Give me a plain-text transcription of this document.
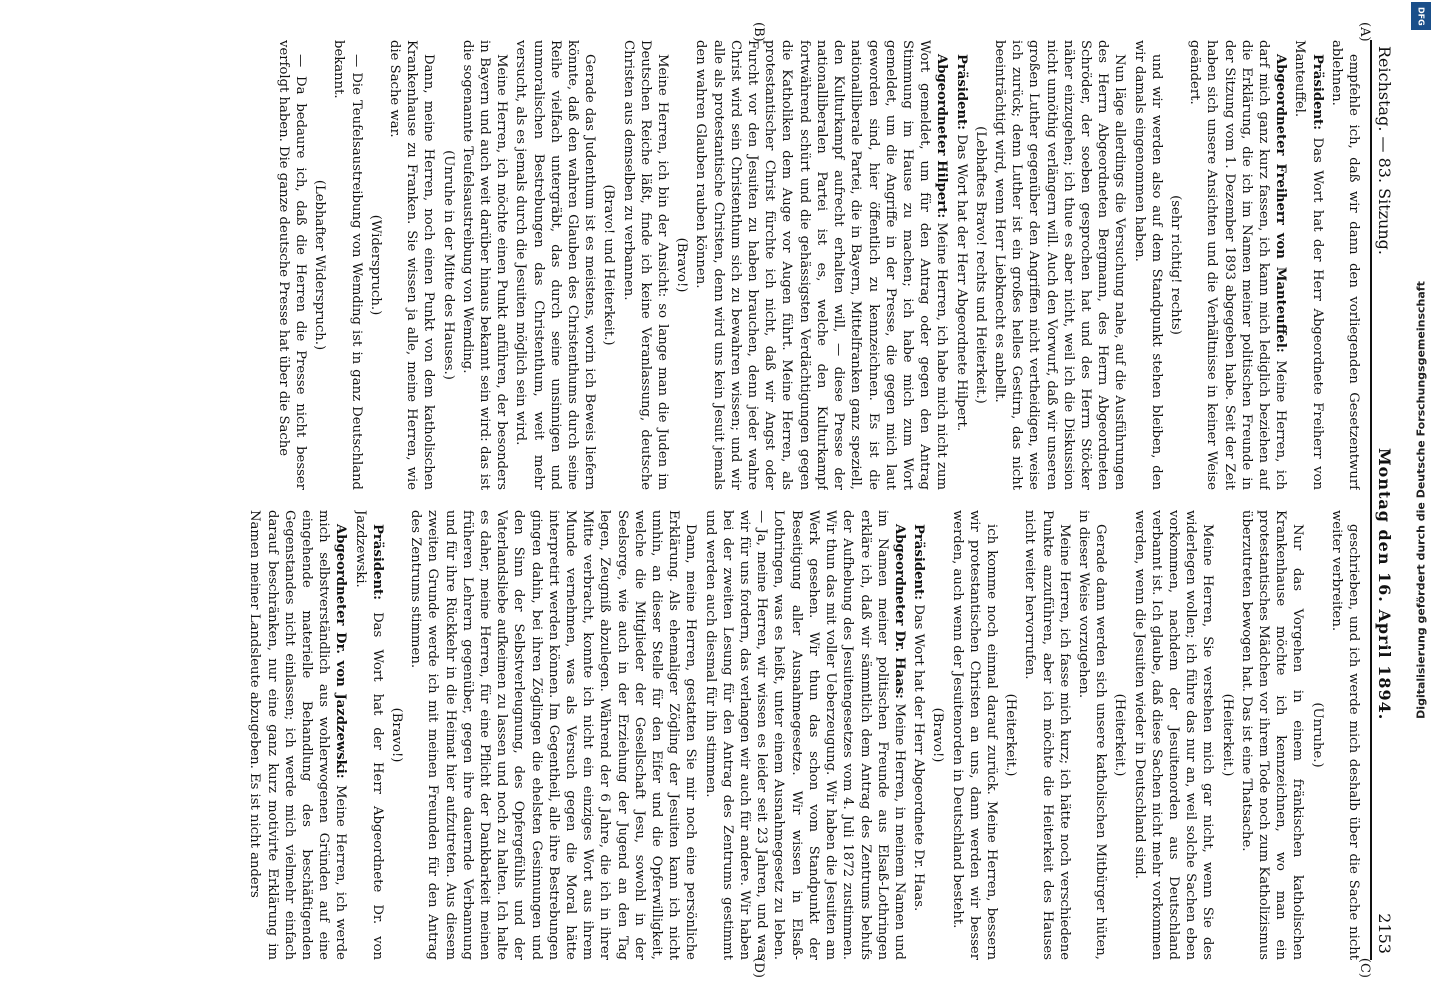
DFG
Digitalisierung gefördert durch die Deutsche Forschungsgemeinschaft
Reichstag. — 83. Sitzung.
Montag den 16. April 1894.
2153

empfehle ich, daß wir dann den vorliegenden Gesetzentwurf ablehnen.

Präsident: Das Wort hat der Herr Abgeordnete Freiherr von Manteuffel.

Abgeordneter Freiherr von Manteuffel: Meine Herren, ich darf mich ganz kurz fassen, ich kann mich lediglich beziehen auf die Erklärung, die ich im Namen meiner politischen Freunde in der Sitzung vom 1. Dezember 1893 abgegeben habe. Seit der Zeit haben sich unsere Ansichten und die Verhältnisse in keiner Weise geändert.

(sehr richtig! rechts)

und wir werden also auf dem Standpunkt stehen bleiben, den wir damals eingenommen haben.

Nun läge allerdings die Versuchung nahe, auf die Ausführungen des Herrn Abgeordneten Bergmann, des Herrn Abgeordneten Schröder, der soeben gesprochen hat und des Herrn Stöcker näher einzugehen; ich thue es aber nicht, weil ich die Diskussion nicht unnöthig verlängern will. Auch den Vorwurf, daß wir unseren großen Luther gegenüber den Angriffen nicht vertheidigen, weise ich zurück; denn Luther ist ein großes helles Gestirn, das nicht beeinträchtigt wird, wenn Herr Liebknecht es anbellt.

(Lebhaftes Bravo! rechts und Heiterkeit.)

Präsident: Das Wort hat der Herr Abgeordnete Hilpert.

Abgeordneter Hilpert: Meine Herren, ich habe mich nicht zum Wort gemeldet, um für den Antrag oder gegen den Antrag Stimmung im Hause zu machen; ich habe mich zum Wort gemeldet, um die Angriffe in der Presse, die gegen mich laut geworden sind, hier öffentlich zu kennzeichnen. Es ist die nationalliberale Partei, die in Bayern, Mittelfranken ganz speziell, den Kulturkampf aufrecht erhalten will, — diese Presse der nationalliberalen Partei ist es, welche den Kulturkampf fortwährend schürt und die gehässigsten Verdächtigungen gegen die Katholiken dem Auge vor Augen führt. Meine Herren, als protestantischer Christ fürchte ich nicht, daß wir Angst oder Furcht vor den Jesuiten zu haben brauchen, denn jeder wahre Christ wird sein Christenthum sich zu bewahren wissen; und wir alle als protestantische Christen, denn wird uns kein Jesuit jemals den wahren Glauben rauben können.

(Bravo!)

Meine Herren, ich bin der Ansicht: so lange man die Juden im Deutschen Reiche läßt, finde ich keine Veranlassung, deutsche Christen aus demselben zu verbannen.

(Bravo! und Heiterkeit.)

Gerade das Judenthum ist es meistens, worin ich Beweis liefern könnte, daß den wahren Glauben des Christenthums durch seine Reihe vielfach untergräbt, das durch seine unsinnigen und unmoralischen Bestrebungen das Christenthum, weit mehr versucht, als es jemals durch die Jesuiten möglich sein wird.

Meine Herren, ich möchte einen Punkt anführen, der besonders in Bayern und auch weit darüber hinaus bekannt sein wird: das ist die sogenannte Teufelsaustreibung von Wemding.

(Unruhe in der Mitte des Hauses.)

Dann, meine Herren, noch einen Punkt von dem katholischen Krankenhause zu Franken. Sie wissen ja alle, meine Herren, wie die Sache war.

(Widerspruch.)

— Die Teufelsaustreibung von Wemding ist in ganz Deutschland bekannt.

(Lebhafter Widerspruch.)

— Da bedaure ich, daß die Herren die Presse nicht besser verfolgt haben. Die ganze deutsche Presse hat über die Sache

geschrieben, und ich werde mich deshalb über die Sache nicht weiter verbreiten.

(Unruhe.)

Nur das Vorgehen in einem fränkischen katholischen Krankenhause möchte ich kennzeichnen, wo man ein protestantisches Mädchen vor ihrem Tode noch zum Katholizismus überzutreten bewogen hat. Das ist eine Thatsache.

(Heiterkeit.)

Meine Herren, Sie verstehen mich gar nicht, wenn Sie des widerlegen wollen; ich führe das nur an, weil solche Sachen eben vorkommen, nachdem der Jesuitenorden aus Deutschland verbannt ist. Ich glaube, daß diese Sachen nicht mehr vorkommen werden, wenn die Jesuiten wieder in Deutschland sind.

(Heiterkeit.)

Gerade dann werden sich unsere katholischen Mitbürger hüten, in dieser Weise vorzugehen.

Meine Herren, ich fasse mich kurz; ich hätte noch verschiedene Punkte anzuführen, aber ich möchte die Heiterkeit des Hauses nicht weiter hervorrufen.

(Heiterkeit.)

ich komme noch einmal darauf zurück. Meine Herren, bessern wir protestantischen Christen an uns, dann werden wir besser werden, auch wenn der Jesuitenorden in Deutschland besteht.

(Bravo!)

Präsident: Das Wort hat der Herr Abgeordnete Dr. Haas.

Abgeordneter Dr. Haas: Meine Herren, in meinem Namen und im Namen meiner politischen Freunde aus Elsaß-Lothringen erkläre ich, daß wir sämmtlich dem Antrag des Zentrums behufs der Aufhebung des Jesuitengesetzes vom 4. Juli 1872 zustimmen. Wir thun das mit voller Ueberzeugung. Wir haben die Jesuiten am Werk gesehen. Wir thun das schon vom Standpunkt der Beseitigung aller Ausnahmegesetze. Wir wissen in Elsaß-Lothringen, was es heißt, unter einem Ausnahmegesetz zu leben. — Ja, meine Herren, wir wissen es leider seit 23 Jahren, und was wir für uns fordern, das verlangen wir auch für andere. Wir haben bei der zweiten Lesung für den Antrag des Zentrums gestimmt und werden auch diesmal für ihn stimmen.

Dann, meine Herren, gestatten Sie mir noch eine persönliche Erklärung. Als ehemaliger Zögling der Jesuiten kann ich nicht umhin, an dieser Stelle für den Eifer und die Opferwilligkeit, welche die Mitglieder der Gesellschaft Jesu, sowohl in der Seelsorge, wie auch in der Erziehung der Jugend an den Tag legen, Zeugniß abzulegen. Während der 6 Jahre, die ich in ihrer Mitte verbracht, konnte ich nicht ein einziges Wort aus ihrem Munde vernehmen, was als Versuch gegen die Moral hätte interpretirt werden können. Im Gegentheil, alle ihre Bestrebungen gingen dahin, bei ihren Zöglingen die ehelsten Gesinnungen und den Sinn der Selbstverleugnung, des Opfergefühls und der Vaterlandsliebe aufkeimen zu lassen und noch zu halten. Ich halte es daher, meine Herren, für eine Pflicht der Dankbarkeit meinen früheren Lehrern gegenüber, gegen ihre dauernde Verbannung und für ihre Rückkehr in die Heimat hier aufzutreten. Aus diesem zweiten Grunde werde ich mit meinen Freunden für den Antrag des Zentrums stimmen.

(Bravo!)

Präsident: Das Wort hat der Herr Abgeordnete Dr. von Jazdzewski.

Abgeordneter Dr. von Jazdzewski: Meine Herren, ich werde mich selbstverständlich aus wohlerwogenen Gründen auf eine eingehende materielle Behandlung des beschäftigenden Gegenstandes nicht einlassen; ich werde mich vielmehr einfach darauf beschränken, nur eine ganz kurz motivirte Erklärung im Namen meiner Landsleute abzugeben. Es ist nicht anders

(A)
(B)
(C)
(D)
